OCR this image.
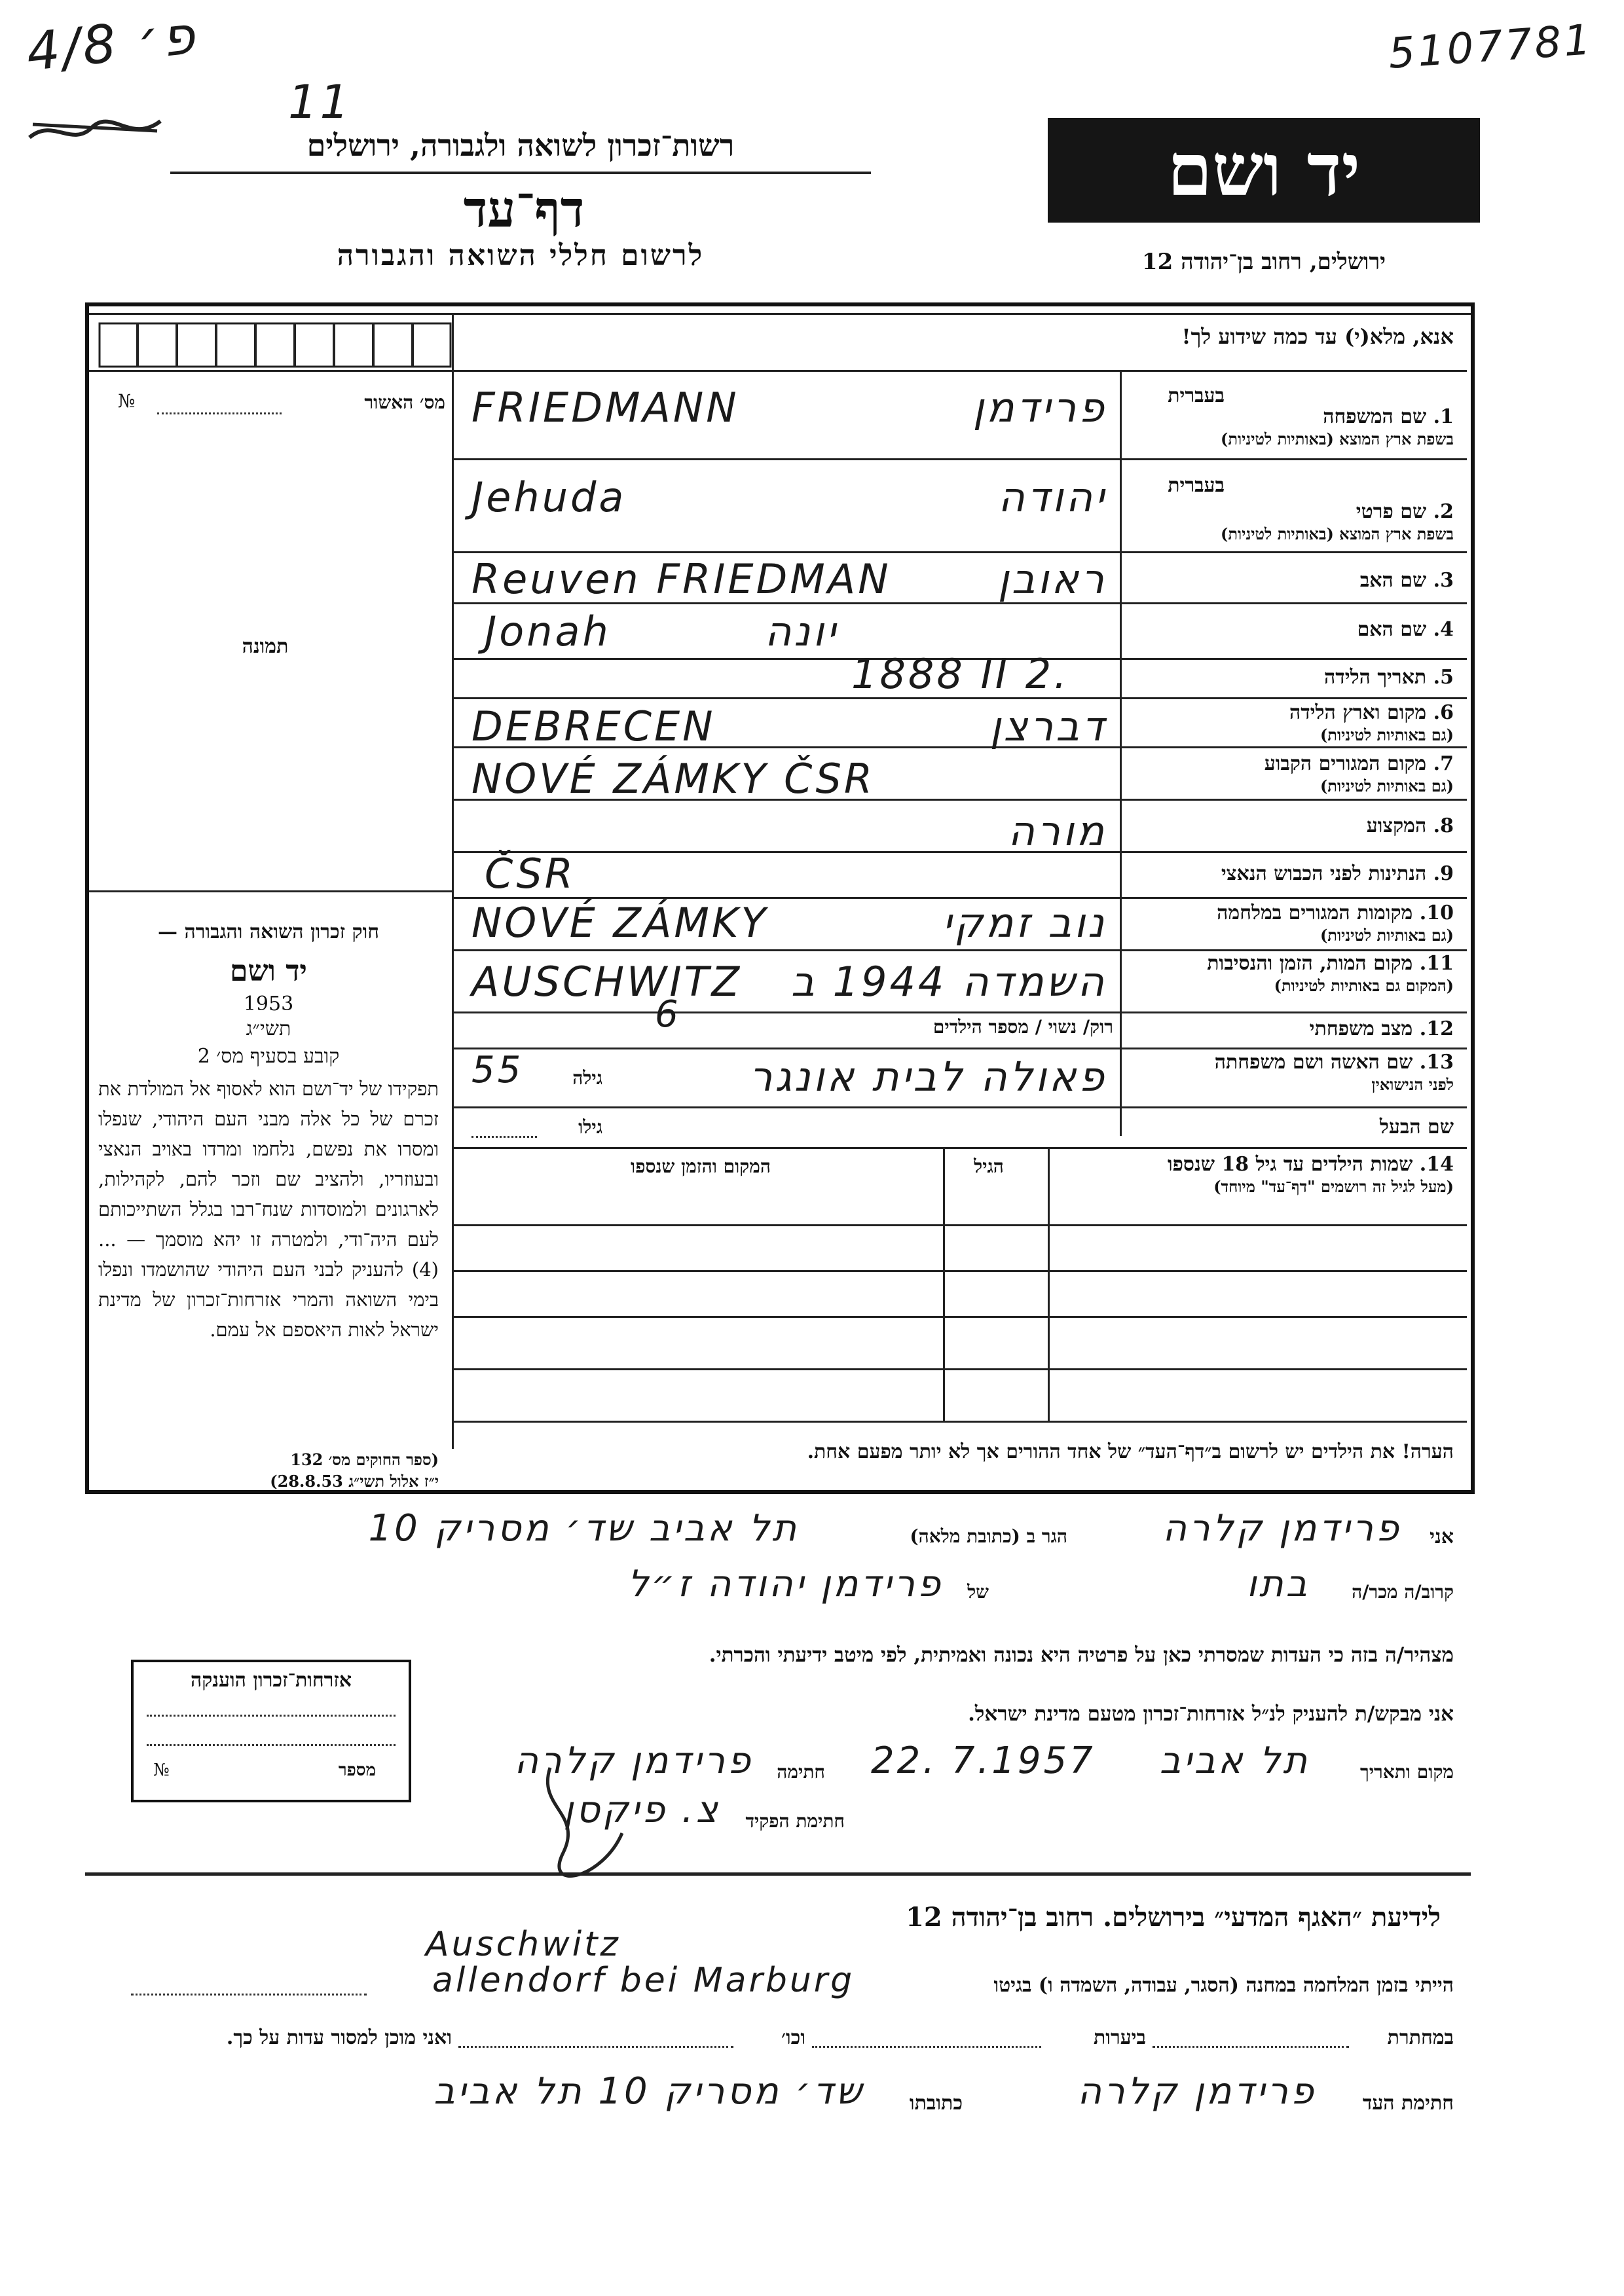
פ׳ 4/8
11
5107781
רשות־זכרון לשואה ולגבורה, ירושלים
דף־עד
לרשום חללי השואה והגבורה
יד ושם
ירושלים, רחוב בן־יהודה 12
אנא, מלא(י) עד כמה שידוע לך!
מס׳ האשור
№
תמונה
בעברית
1. שם המשפחה
בשפת ארץ המוצא (באותיות לטיניות)
FRIEDMANN	פרידמן
בעברית
2. שם פרטי
בשפת ארץ המוצא (באותיות לטיניות)
Jehuda	יהודה
3. שם האב
Reuven FRIEDMAN	ראובן
4. שם האם
Jonah	יונה
5. תאריך הלידה
1888 II 2.
6. מקום וארץ הלידה
(גם באותיות לטיניות)
DEBRECEN	דברצן
7. מקום המגורים הקבוע
(גם באותיות לטיניות)
NOVÉ ZÁMKY ČSR
8. המקצוע
מורה
9. הנתינות לפני הכבוש הנאצי
ČSR
10. מקומות המגורים במלחמה
(גם באותיות לטיניות)
NOVÉ ZÁMKY	נוב זמקי
11. מקום המות, הזמן והנסיבות
(המקום גם באותיות לטיניות)
AUSCHWITZ	השמדה 1944 ב
12. מצב משפחתי
רוק/ נשוי / מספר הילדים
6
13. שם האשה ושם משפחתה
לפני הנישואין
גילה
55	פאולה לבית אונגר
שם הבעל
גילו
14. שמות הילדים עד גיל 18 שנספו
(מעל לגיל זה רושמים "דף־עד" מיוחד)
הגיל
המקום והזמן שנספו
הערה! את הילדים יש לרשום ב״דף־העד״ של אחד ההורים אך לא יותר מפעם אחת.
חוק זכרון השואה והגבורה —
יד ושם
1953
תשי״ג
קובע בסעיף מס׳ 2
תפקידו של יד־ושם הוא לאסוף אל המולדת את זכרם של כל אלה מבני העם היהודי, שנפלו ומסרו את נפשם, נלחמו ומרדו באויב הנאצי ובעוזריו, ולהציב שם וזכר להם, לקהילות, לארגונים ולמוסדות שנח־רבו בגלל השתייכותם לעם היה־ודי, ולמטרה זו יהא מוסמך — ... (4) להעניק לבני העם היהודי שהושמדו ונפלו בימי השואה והמרי אזרחות־זכרון של מדינת ישראל לאות היאספם אל עמם.
(ספר החוקים מס׳ 132
י״ז אלול תשי״ג 28.8.53)
אני
פרידמן קלרה
הגר ב (כתובת מלאה)
תל אביב שד׳ מסריק 10
קרוב/ה מכר/ה
בתו
של
פרידמן יהודה ז״ל
מצהיר/ה בזה כי העדות שמסרתי כאן על פרטיה היא נכונה ואמיתית, לפי מיטב ידיעתי והכרתי.
אני מבקש/ת להעניק לנ״ל אזרחות־זכרון מטעם מדינת ישראל.
מקום ותאריך
תל אביב
22. 7.1957
חתימה
פרידמן קלרה
חתימת הפקיד
צ. פיקסן
אזרחות־זכרון הוענקה
מספר
№
לידיעת ״האגף המדעי״ בירושלים. רחוב בן־יהודה 12
הייתי בזמן המלחמה במחנה (הסגר, עבודה, השמדה ו) בגיטו
Auschwitz
allendorf bei Marburg
במחתרת
ביערות
וכו׳
ואני מוכן למסור עדות על כך.
חתימת העד
פרידמן קלרה
כתובתו
שד׳ מסריק 10 תל אביב
